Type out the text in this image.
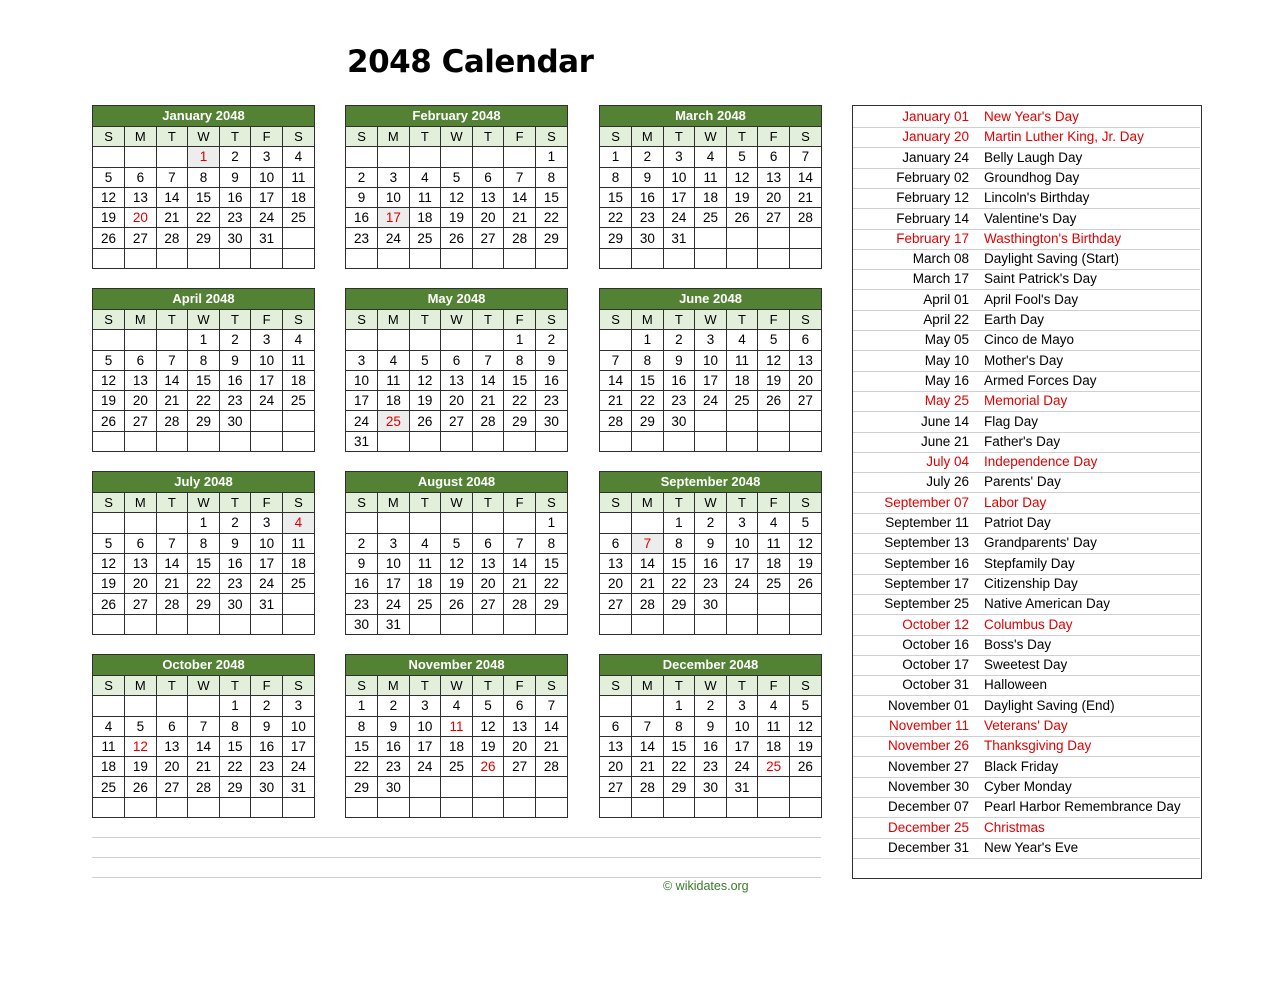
2048 Calendar
January 2048
S	M	T	W	T	F	S
			1	2	3	4
5	6	7	8	9	10	11
12	13	14	15	16	17	18
19	20	21	22	23	24	25
26	27	28	29	30	31	

February 2048
S	M	T	W	T	F	S
						1
2	3	4	5	6	7	8
9	10	11	12	13	14	15
16	17	18	19	20	21	22
23	24	25	26	27	28	29

March 2048
S	M	T	W	T	F	S
1	2	3	4	5	6	7
8	9	10	11	12	13	14
15	16	17	18	19	20	21
22	23	24	25	26	27	28
29	30	31				

April 2048
S	M	T	W	T	F	S
			1	2	3	4
5	6	7	8	9	10	11
12	13	14	15	16	17	18
19	20	21	22	23	24	25
26	27	28	29	30		

May 2048
S	M	T	W	T	F	S
					1	2
3	4	5	6	7	8	9
10	11	12	13	14	15	16
17	18	19	20	21	22	23
24	25	26	27	28	29	30
31						
June 2048
S	M	T	W	T	F	S
	1	2	3	4	5	6
7	8	9	10	11	12	13
14	15	16	17	18	19	20
21	22	23	24	25	26	27
28	29	30				

July 2048
S	M	T	W	T	F	S
			1	2	3	4
5	6	7	8	9	10	11
12	13	14	15	16	17	18
19	20	21	22	23	24	25
26	27	28	29	30	31	

August 2048
S	M	T	W	T	F	S
						1
2	3	4	5	6	7	8
9	10	11	12	13	14	15
16	17	18	19	20	21	22
23	24	25	26	27	28	29
30	31					
September 2048
S	M	T	W	T	F	S
		1	2	3	4	5
6	7	8	9	10	11	12
13	14	15	16	17	18	19
20	21	22	23	24	25	26
27	28	29	30			

October 2048
S	M	T	W	T	F	S
				1	2	3
4	5	6	7	8	9	10
11	12	13	14	15	16	17
18	19	20	21	22	23	24
25	26	27	28	29	30	31

November 2048
S	M	T	W	T	F	S
1	2	3	4	5	6	7
8	9	10	11	12	13	14
15	16	17	18	19	20	21
22	23	24	25	26	27	28
29	30					

December 2048
S	M	T	W	T	F	S
		1	2	3	4	5
6	7	8	9	10	11	12
13	14	15	16	17	18	19
20	21	22	23	24	25	26
27	28	29	30	31		

© wikidates.org
January 01 New Year's Day
January 20 Martin Luther King, Jr. Day
January 24 Belly Laugh Day
February 02 Groundhog Day
February 12 Lincoln's Birthday
February 14 Valentine's Day
February 17 Wasthington's Birthday
March 08 Daylight Saving (Start)
March 17 Saint Patrick's Day
April 01 April Fool's Day
April 22 Earth Day
May 05 Cinco de Mayo
May 10 Mother's Day
May 16 Armed Forces Day
May 25 Memorial Day
June 14 Flag Day
June 21 Father's Day
July 04 Independence Day
July 26 Parents' Day
September 07 Labor Day
September 11 Patriot Day
September 13 Grandparents' Day
September 16 Stepfamily Day
September 17 Citizenship Day
September 25 Native American Day
October 12 Columbus Day
October 16 Boss's Day
October 17 Sweetest Day
October 31 Halloween
November 01 Daylight Saving (End)
November 11 Veterans' Day
November 26 Thanksgiving Day
November 27 Black Friday
November 30 Cyber Monday
December 07 Pearl Harbor Remembrance Day
December 25 Christmas
December 31 New Year's Eve
